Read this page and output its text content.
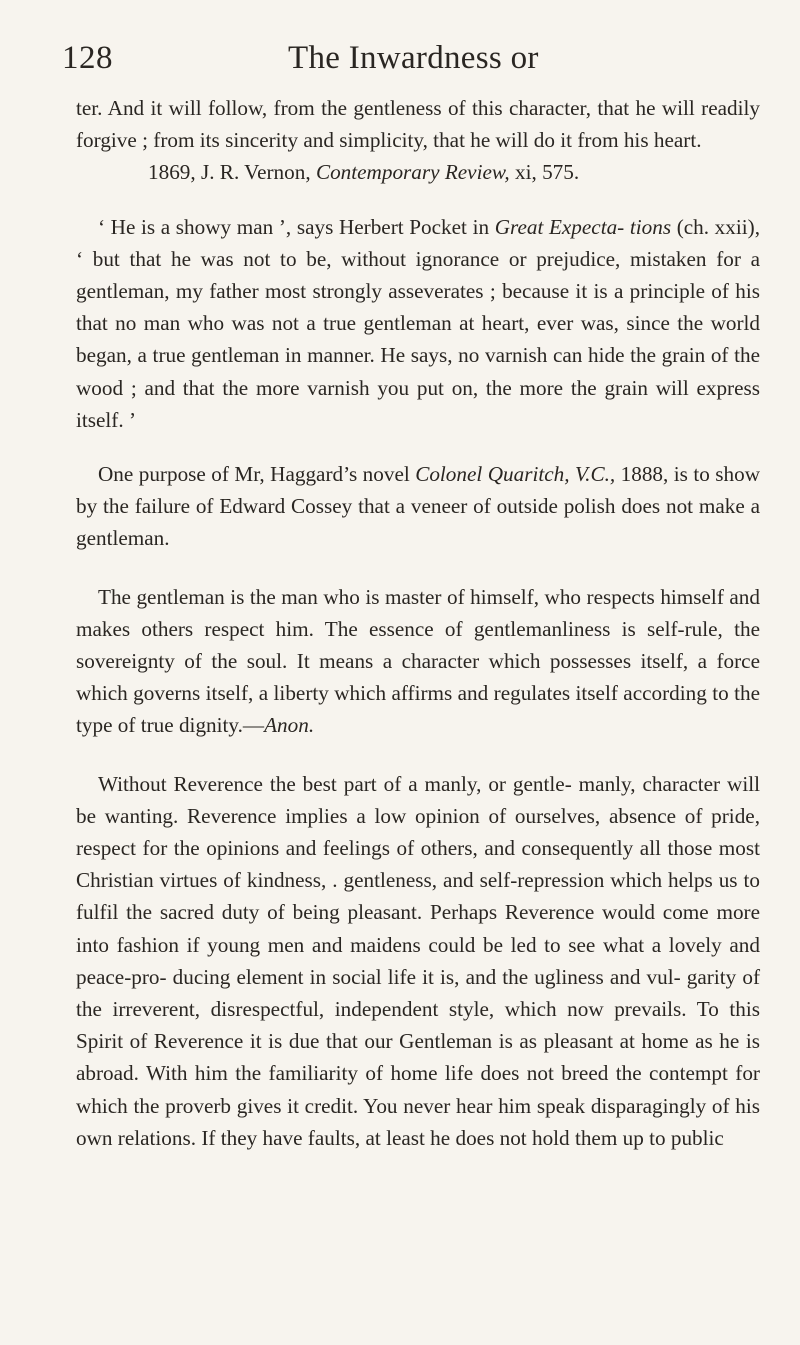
128	The Inwardness or

ter. And it will follow, from the gentleness of this character, that he will readily forgive ; from its sincerity and simplicity, that he will do it from his heart.

1869, J. R. Vernon, Contemporary Review, xi, 575.

‘ He is a showy man ’, says Herbert Pocket in Great Expecta- tions (ch. xxii), ‘ but that he was not to be, without ignorance or prejudice, mistaken for a gentleman, my father most strongly asseverates ; because it is a principle of his that no man who was not a true gentleman at heart, ever was, since the world began, a true gentleman in manner. He says, no varnish can hide the grain of the wood ; and that the more varnish you put on, the more the grain will express itself. ’

One purpose of Mr, Haggard’s novel Colonel Quaritch, V.C., 1888, is to show by the failure of Edward Cossey that a veneer of outside polish does not make a gentleman.

The gentleman is the man who is master of himself, who respects himself and makes others respect him. The essence of gentlemanliness is self-rule, the sovereignty of the soul. It means a character which possesses itself, a force which governs itself, a liberty which affirms and regulates itself according to the type of true dignity.—Anon.

Without Reverence the best part of a manly, or gentle- manly, character will be wanting. Reverence implies a low opinion of ourselves, absence of pride, respect for the opinions and feelings of others, and consequently all those most Christian virtues of kindness, . gentleness, and self-repression which helps us to fulfil the sacred duty of being pleasant. Perhaps Reverence would come more into fashion if young men and maidens could be led to see what a lovely and peace-pro- ducing element in social life it is, and the ugliness and vul- garity of the irreverent, disrespectful, independent style, which now prevails. To this Spirit of Reverence it is due that our Gentleman is as pleasant at home as he is abroad. With him the familiarity of home life does not breed the contempt for which the proverb gives it credit. You never hear him speak disparagingly of his own relations. If they have faults, at least he does not hold them up to public
